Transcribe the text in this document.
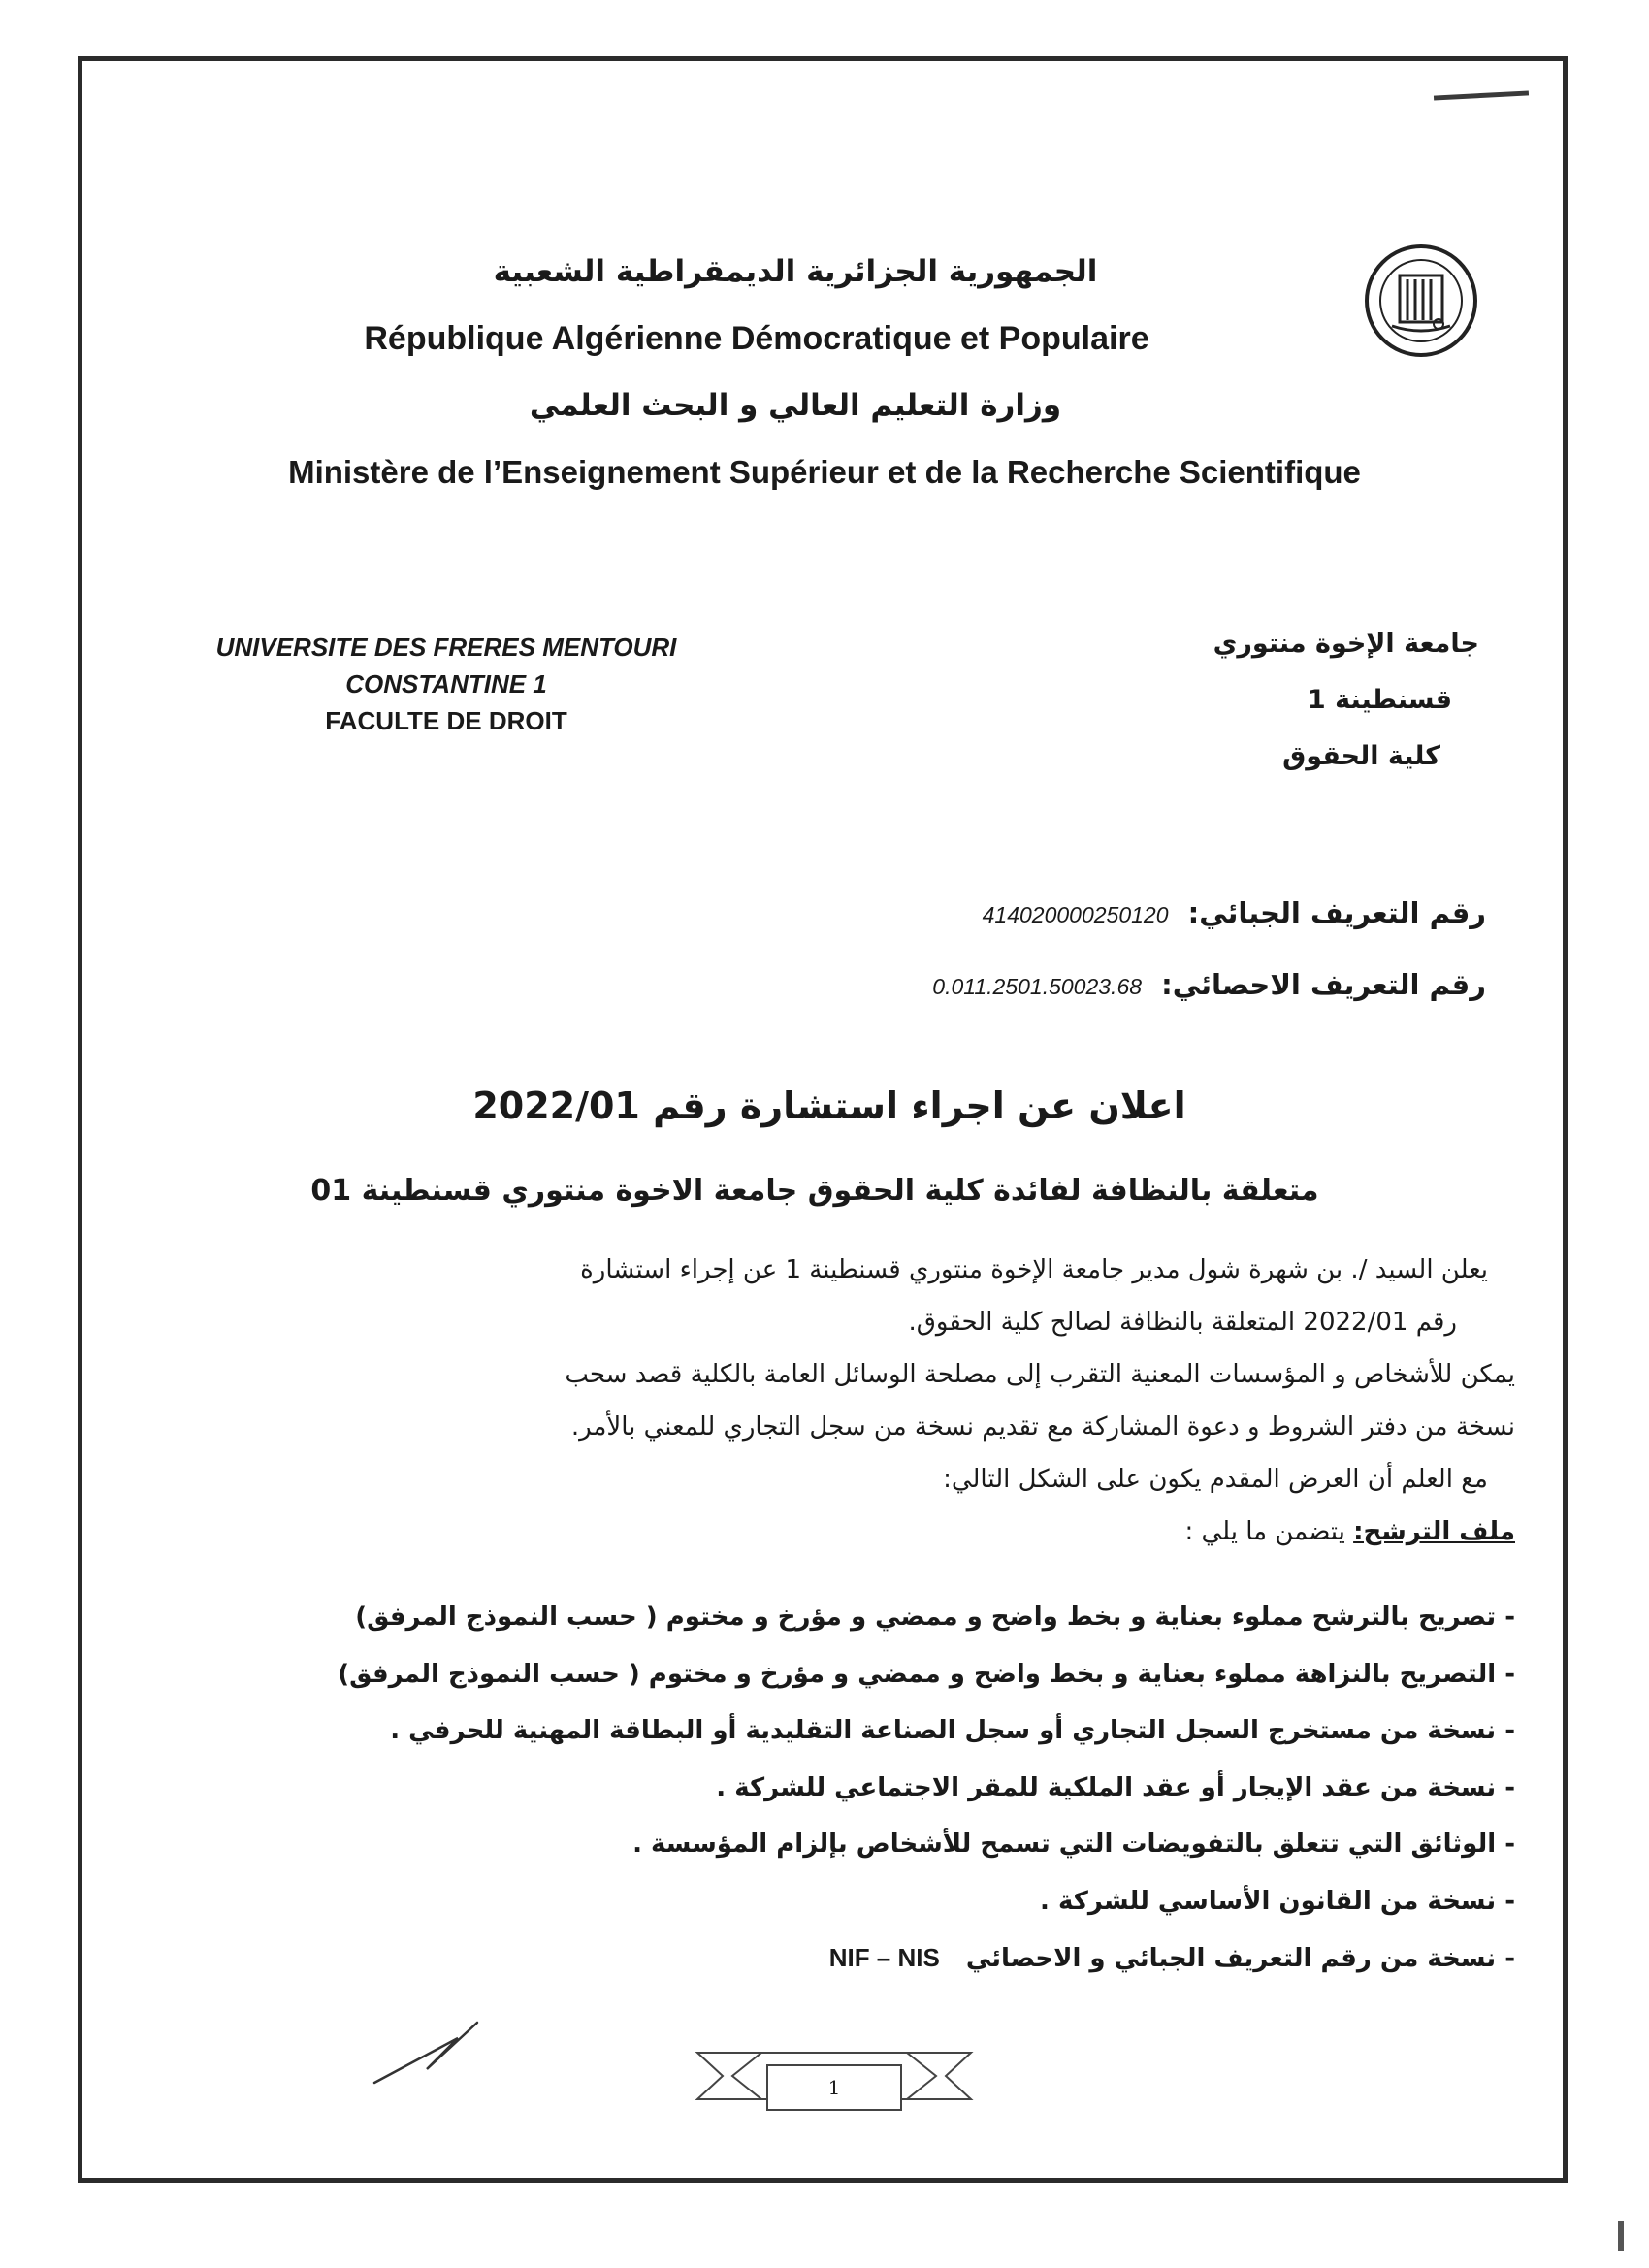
الجمهورية الجزائرية الديمقراطية الشعبية
République Algérienne Démocratique et Populaire
وزارة التعليم العالي و البحث العلمي
Ministère de l’Enseignement Supérieur et de la Recherche Scientifique
UNIVERSITE DES FRERES MENTOURI
CONSTANTINE 1
FACULTE DE DROIT
جامعة الإخوة منتوري
قسنطينة 1
كلية الحقوق
رقم التعريف الجبائي: 414020000250120
رقم التعريف الاحصائي: 0.011.2501.50023.68
اعلان عن اجراء استشارة رقم 2022/01
متعلقة بالنظافة لفائدة كلية الحقوق جامعة الاخوة منتوري قسنطينة 01

يعلن السيد /. بن شهرة شول مدير جامعة الإخوة منتوري قسنطينة 1 عن إجراء استشارة

رقم 2022/01 المتعلقة بالنظافة لصالح كلية الحقوق.

يمكن للأشخاص و المؤسسات المعنية التقرب إلى مصلحة الوسائل العامة بالكلية قصد سحب

نسخة من دفتر الشروط و دعوة المشاركة مع تقديم نسخة من سجل التجاري للمعني بالأمر.

مع العلم أن العرض المقدم يكون على الشكل التالي:

ملف الترشح: يتضمن ما يلي :

- تصريح بالترشح مملوء بعناية و بخط واضح و ممضي و مؤرخ و مختوم ( حسب النموذج المرفق)
- التصريح بالنزاهة مملوء بعناية و بخط واضح و ممضي و مؤرخ و مختوم ( حسب النموذج المرفق)
- نسخة من مستخرج السجل التجاري أو سجل الصناعة التقليدية أو البطاقة المهنية للحرفي .
- نسخة من عقد الإيجار أو عقد الملكية للمقر الاجتماعي للشركة .
- الوثائق التي تتعلق بالتفويضات التي تسمح للأشخاص بإلزام المؤسسة .
- نسخة من القانون الأساسي للشركة .
- نسخة من رقم التعريف الجبائي و الاحصائي NIF – NIS
1
